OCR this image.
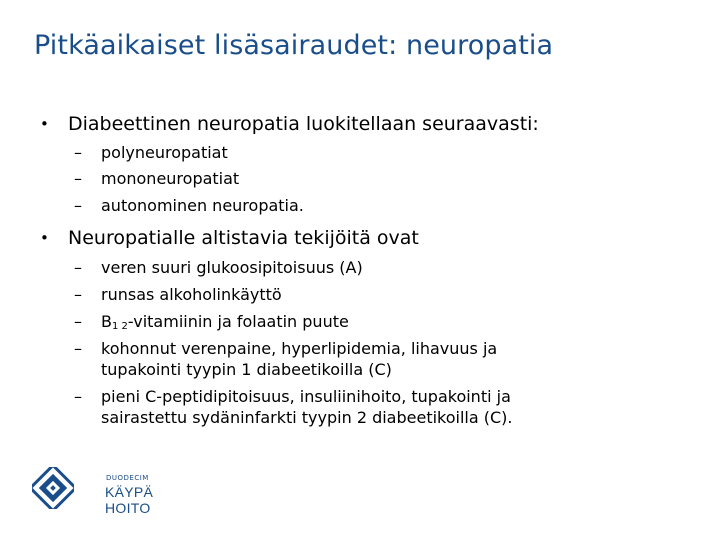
Pitkäaikaiset lisäsairaudet: neuropatia
• Diabeettinen neuropatia luokitellaan seuraavasti:
– polyneuropatiat
– mononeuropatiat
– autonominen neuropatia.
• Neuropatialle altistavia tekijöitä ovat
– veren suuri glukoosipitoisuus (A)
– runsas alkoholinkäyttö
– B1 2-vitamiinin ja folaatin puute
– kohonnut verenpaine, hyperlipidemia, lihavuus ja
tupakointi tyypin 1 diabeetikoilla (C)
– pieni C-peptidipitoisuus, insuliinihoito, tupakointi ja
sairastettu sydäninfarkti tyypin 2 diabeetikoilla (C).
DUODECIM
KÄYPÄ HOITO
